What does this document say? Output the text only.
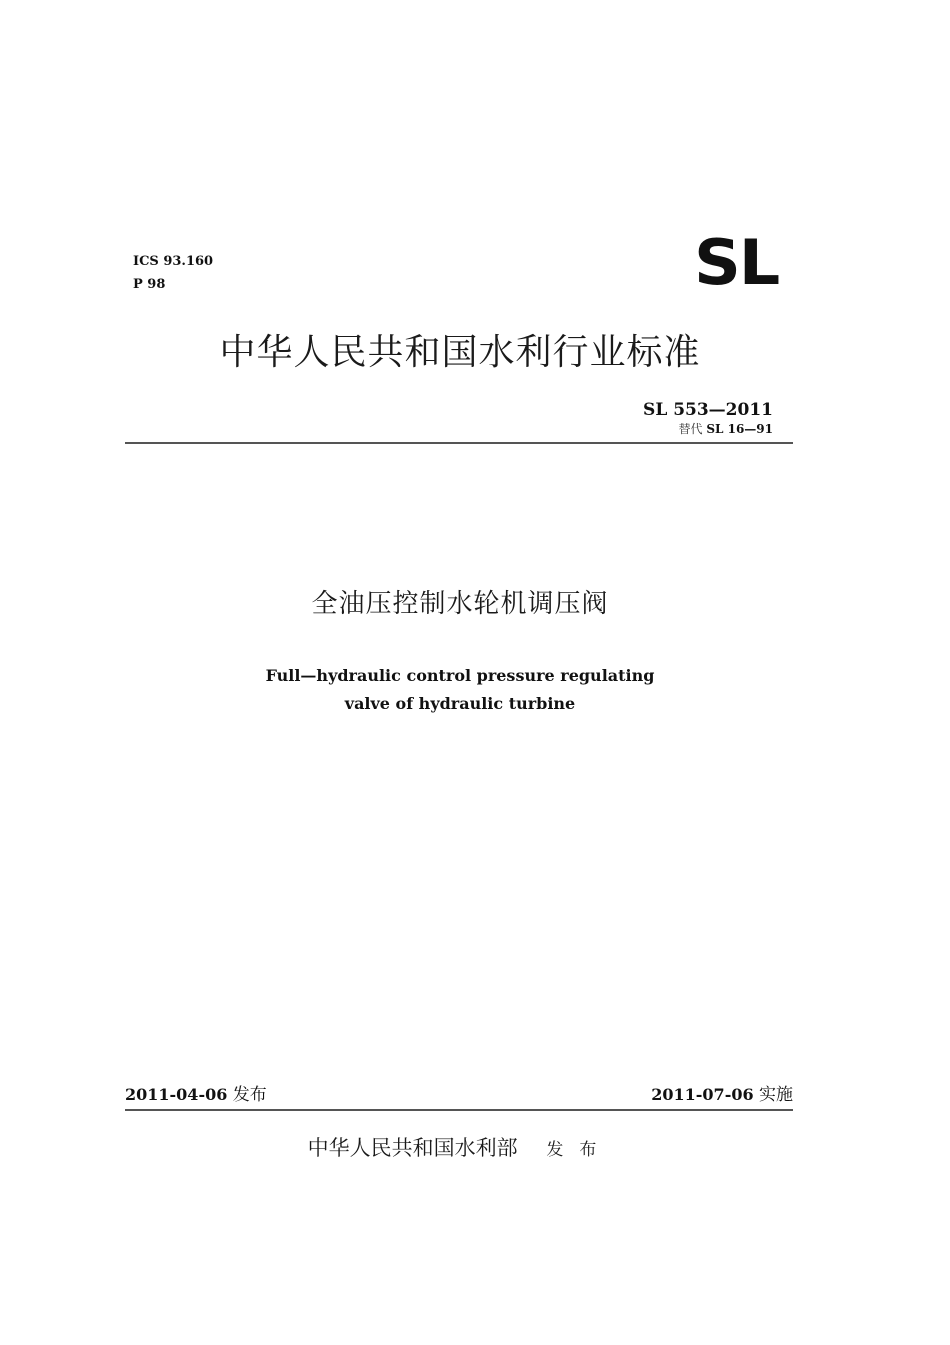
ICS 93.160
P 98	SL
中华人民共和国水利行业标准
SL 553—2011
替代 SL 16—91
全油压控制水轮机调压阀
Full—hydraulic control pressure regulating
valve of hydraulic turbine
2011-04-06 发布	2011-07-06 实施
中华人民共和国水利部 发布
